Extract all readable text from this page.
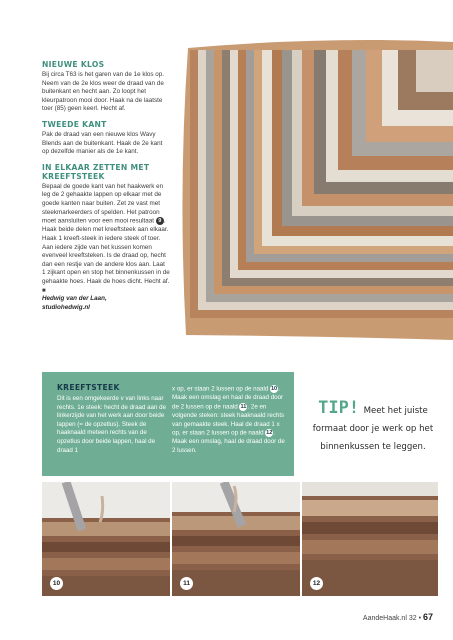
NIEUWE KLOS
Bij circa T63 is het garen van de 1e klos op. Neem van de 2e klos weer de draad van de buitenkant en hecht aan. Zo loopt het kleurpatroon mooi door. Haak na de laatste toer (85) geen keerl. Hecht af.
TWEEDE KANT
Pak de draad van een nieuwe klos Wavy Blends aan de buitenkant. Haak de 2e kant op dezelfde manier als de 1e kant.
IN ELKAAR ZETTEN MET KREEFTSTEEK
Bepaal de goede kant van het haakwerk en leg de 2 gehaakte lappen op elkaar met de goede kanten naar buiten. Zet ze vast met steekmarkeerders of spelden. Het patroon moet aansluiten voor een mooi resultaat 9 . Haak beide delen met kreeftsteek aan elkaar. Haak 1 kreeft-steek in iedere steek of toer. Aan iedere zijde van het kussen komen evenveel kreeftsteken. Is de draad op, hecht dan een restje van de andere klos aan. Laat 1 zijkant open en stop het binnenkussen in de gehaakte hoes. Haak de hoes dicht. Hecht af. ■
Hedwig van der Laan,
studiohedwig.nl
KREEFTSTEEK
Dit is een omgekeerde v van links naar rechts. 1e steek: hecht de draad aan de linkerzijde van het werk aan door beide lappen (= de opzetlus). Steek de haaknaald meteen rechts van de opzetlus door beide lappen, haal de draad 1
x op, er staan 2 lussen op de naald 10. Maak een omslag en haal de draad door de 2 lussen op de naald 11. 2e en volgende steken: steek haaknaald rechts van gemaakte steek. Haal de draad 1 x op, er staan 2 lussen op de naald 12. Maak een omslag, haal de draad door de 2 lussen.
TIP! Meet het juiste formaat door je werk op het binnenkussen te leggen.
10	11	12
AandeHaak.nl 32 • 67
